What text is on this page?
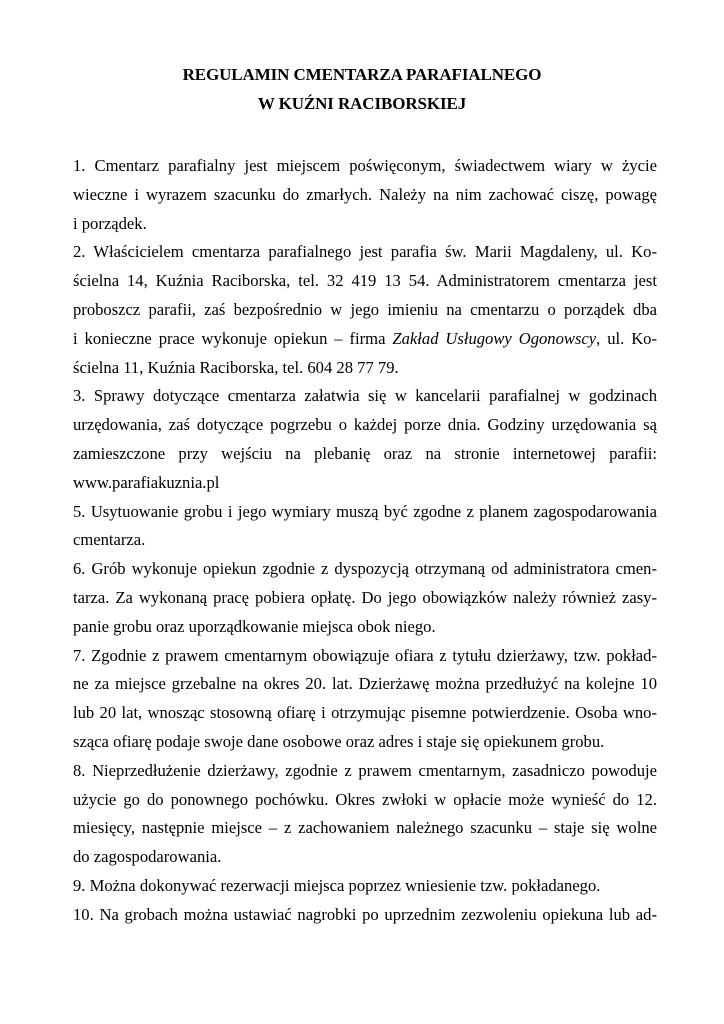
REGULAMIN CMENTARZA PARAFIALNEGO
W KUŹNI RACIBORSKIEJ
1. Cmentarz parafialny jest miejscem poświęconym, świadectwem wiary w życie
wieczne i wyrazem szacunku do zmarłych. Należy na nim zachować ciszę, powagę
i porządek.
2. Właścicielem cmentarza parafialnego jest parafia św. Marii Magdaleny, ul. Ko-
ścielna 14, Kuźnia Raciborska, tel. 32 419 13 54. Administratorem cmentarza jest
proboszcz parafii, zaś bezpośrednio w jego imieniu na cmentarzu o porządek dba
i konieczne prace wykonuje opiekun – firma Zakład Usługowy Ogonowscy, ul. Ko-
ścielna 11, Kuźnia Raciborska, tel. 604 28 77 79.
3. Sprawy dotyczące cmentarza załatwia się w kancelarii parafialnej w godzinach
urzędowania, zaś dotyczące pogrzebu o każdej porze dnia. Godziny urzędowania są
zamieszczone przy wejściu na plebanię oraz na stronie internetowej parafii:
www.parafiakuznia.pl
5. Usytuowanie grobu i jego wymiary muszą być zgodne z planem zagospodarowania
cmentarza.
6. Grób wykonuje opiekun zgodnie z dyspozycją otrzymaną od administratora cmen-
tarza. Za wykonaną pracę pobiera opłatę. Do jego obowiązków należy również zasy-
panie grobu oraz uporządkowanie miejsca obok niego.
7. Zgodnie z prawem cmentarnym obowiązuje ofiara z tytułu dzierżawy, tzw. pokład-
ne za miejsce grzebalne na okres 20. lat. Dzierżawę można przedłużyć na kolejne 10
lub 20 lat, wnosząc stosowną ofiarę i otrzymując pisemne potwierdzenie. Osoba wno-
sząca ofiarę podaje swoje dane osobowe oraz adres i staje się opiekunem grobu.
8. Nieprzedłużenie dzierżawy, zgodnie z prawem cmentarnym, zasadniczo powoduje
użycie go do ponownego pochówku. Okres zwłoki w opłacie może wynieść do 12.
miesięcy, następnie miejsce – z zachowaniem należnego szacunku – staje się wolne
do zagospodarowania.
9. Można dokonywać rezerwacji miejsca poprzez wniesienie tzw. pokładanego.
10. Na grobach można ustawiać nagrobki po uprzednim zezwoleniu opiekuna lub ad-
